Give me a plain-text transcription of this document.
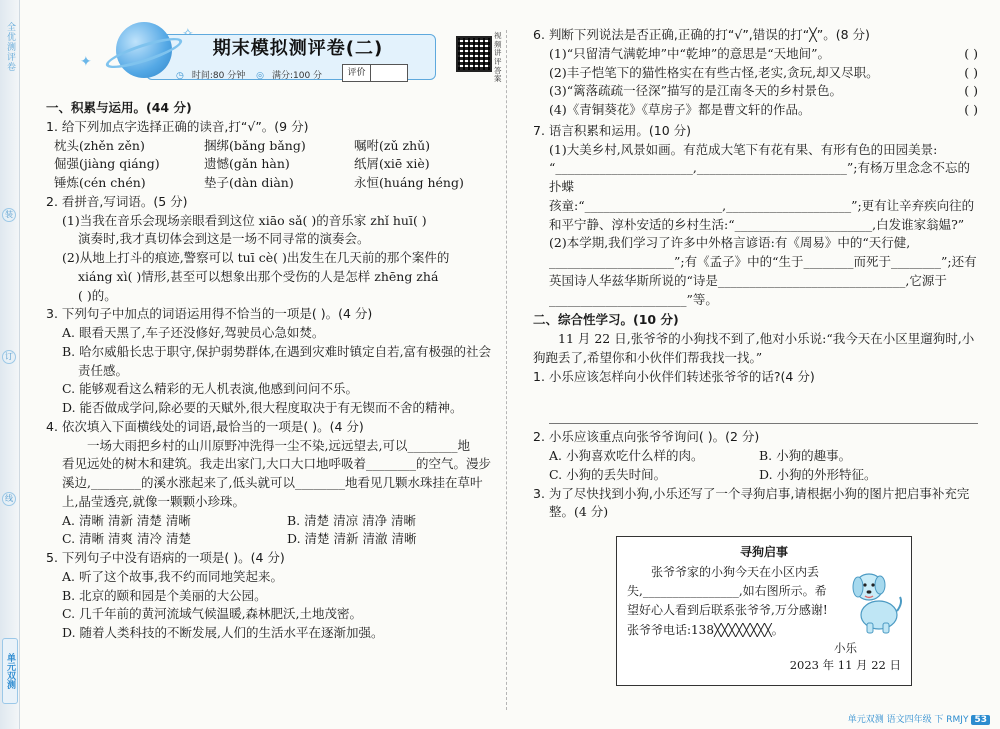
全优测评卷
装
订
线
单元双测
✦
期末模拟测评卷(二)
◷ 时间:80 分钟 ◎ 满分:100 分	评价
视频讲评答案
一、积累与运用。(44 分)
1. 给下列加点字选择正确的读音,打“√”。(9 分)
枕头(zhěn zěn)	捆绑(bǎng bǎng)	嘱咐(zǔ zhǔ)
倔强(jiàng qiáng)	遗憾(gǎn hàn)	纸屑(xiē xiè)
锤炼(cén chén)	垫子(dàn diàn)	永恒(huáng héng)
2. 看拼音,写词语。(5 分)
(1)当我在音乐会现场亲眼看到这位 xiāo sǎ( )的音乐家 zhǐ huī( )
演奏时,我才真切体会到这是一场不同寻常的演奏会。
(2)从地上打斗的痕迹,警察可以 tuī cè( )出发生在几天前的那个案件的
xiáng xì( )情形,甚至可以想象出那个受伤的人是怎样 zhēng zhá
( )的。
3. 下列句子中加点的词语运用得不恰当的一项是( )。(4 分)
A. 眼看天黑了,车子还没修好,驾驶员心急如焚。
B. 哈尔威船长忠于职守,保护弱势群体,在遇到灾难时镇定自若,富有极强的社会
责任感。
C. 能够观看这么精彩的无人机表演,他感到问问不乐。
D. 能否做成学问,除必要的天赋外,很大程度取决于有无锲而不舍的精神。
4. 依次填入下面横线处的词语,最恰当的一项是( )。(4 分)
一场大雨把乡村的山川原野冲洗得一尘不染,远远望去,可以________地
看见远处的树木和建筑。我走出家门,大口大口地呼吸着________的空气。漫步
溪边,________的溪水涨起来了,低头就可以________地看见几颗水珠挂在草叶
上,晶莹透亮,就像一颗颗小珍珠。
A. 清晰 清新 清楚 清晰	B. 清楚 清凉 清净 清晰
C. 清晰 清爽 清冷 清楚	D. 清楚 清新 清澈 清晰
5. 下列句子中没有语病的一项是( )。(4 分)
A. 听了这个故事,我不约而同地笑起来。
B. 北京的颐和园是个美丽的大公园。
C. 几千年前的黄河流域气候温暖,森林肥沃,土地茂密。
D. 随着人类科技的不断发展,人们的生活水平在逐渐加强。
6. 判断下列说法是否正确,正确的打“√”,错误的打“╳”。(8 分)
(1)“只留清气满乾坤”中“乾坤”的意思是“天地间”。	( )
(2)丰子恺笔下的猫性格实在有些古怪,老实,贪玩,却又尽职。	( )
(3)“篱落疏疏一径深”描写的是江南冬天的乡村景色。	( )
(4)《青铜葵花》《草房子》都是曹文轩的作品。	( )
7. 语言积累和运用。(10 分)
(1)大美乡村,风景如画。有范成大笔下有花有果、有形有色的田园美景:
“______________________,________________________”;有杨万里念念不忘的扑蝶
孩童:“______________________,____________________”;更有让辛弃疾向往的
和平宁静、淳朴安适的乡村生活:“______________________,白发谁家翁媪?”
(2)本学期,我们学习了许多中外格言谚语:有《周易》中的“天行健,
____________________”;有《孟子》中的“生于________而死于________”;还有
英国诗人华兹华斯所说的“诗是______________________________,它源于
______________________”等。
二、综合性学习。(10 分)
11 月 22 日,张爷爷的小狗找不到了,他对小乐说:“我今天在小区里遛狗时,小
狗跑丢了,希望你和小伙伴们帮我找一找。”
1. 小乐应该怎样向小伙伴们转述张爷爷的话?(4 分)
2. 小乐应该重点向张爷爷询问( )。(2 分)
A. 小狗喜欢吃什么样的肉。	B. 小狗的趣事。
C. 小狗的丢失时间。	D. 小狗的外形特征。
3. 为了尽快找到小狗,小乐还写了一个寻狗启事,请根据小狗的图片把启事补充完
整。(4 分)
寻狗启事

张爷爷家的小狗今天在小区内丢

失,________________,如右图所示。希

望好心人看到后联系张爷爷,万分感谢!

张爷爷电话:138╳╳╳╳╳╳╳╳。

小乐
2023 年 11 月 22 日
单元双测 语文四年级 下 RMJY 53
